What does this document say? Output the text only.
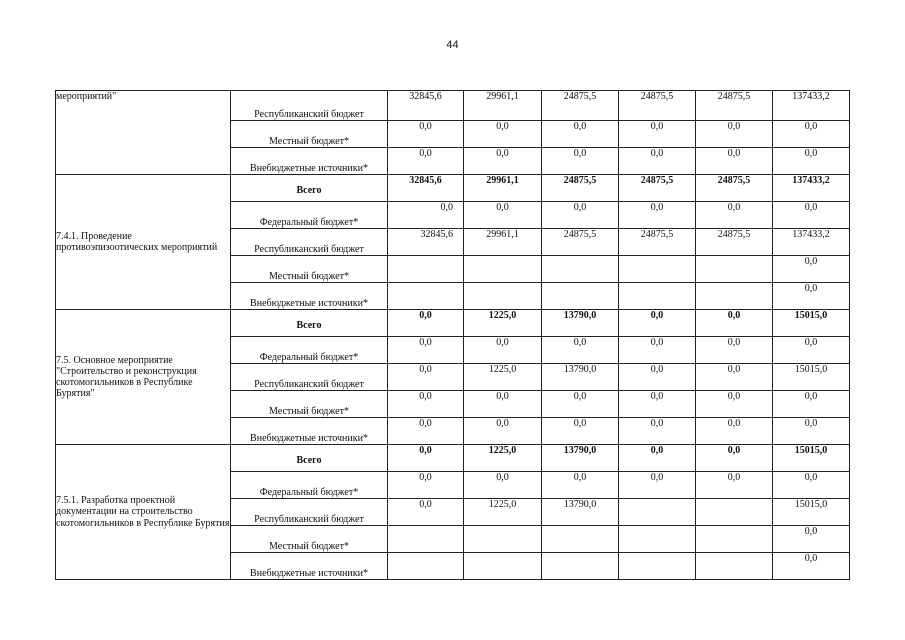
44
мероприятий"	Республиканский бюджет	32845,6	29961,1	24875,5	24875,5	24875,5	137433,2
	Местный бюджет*	0,0	0,0	0,0	0,0	0,0	0,0
	Внебюджетные источники*	0,0	0,0	0,0	0,0	0,0	0,0
7.4.1. Проведение противоэпизоотических мероприятий	Всего	32845,6	29961,1	24875,5	24875,5	24875,5	137433,2
	Федеральный бюджет*	0,0	0,0	0,0	0,0	0,0	0,0
	Республиканский бюджет	32845,6	29961,1	24875,5	24875,5	24875,5	137433,2
	Местный бюджет*						0,0
	Внебюджетные источники*						0,0
7.5. Основное мероприятие "Строительство и реконструкция скотомогильников в Республике Бурятия"	Всего	0,0	1225,0	13790,0	0,0	0,0	15015,0
	Федеральный бюджет*	0,0	0,0	0,0	0,0	0,0	0,0
	Республиканский бюджет	0,0	1225,0	13790,0	0,0	0,0	15015,0
	Местный бюджет*	0,0	0,0	0,0	0,0	0,0	0,0
	Внебюджетные источники*	0,0	0,0	0,0	0,0	0,0	0,0
7.5.1. Разработка проектной документации на строительство скотомогильников в Республике Бурятия	Всего	0,0	1225,0	13790,0	0,0	0,0	15015,0
	Федеральный бюджет*	0,0	0,0	0,0	0,0	0,0	0,0
	Республиканский бюджет	0,0	1225,0	13790,0			15015,0
	Местный бюджет*						0,0
	Внебюджетные источники*						0,0
